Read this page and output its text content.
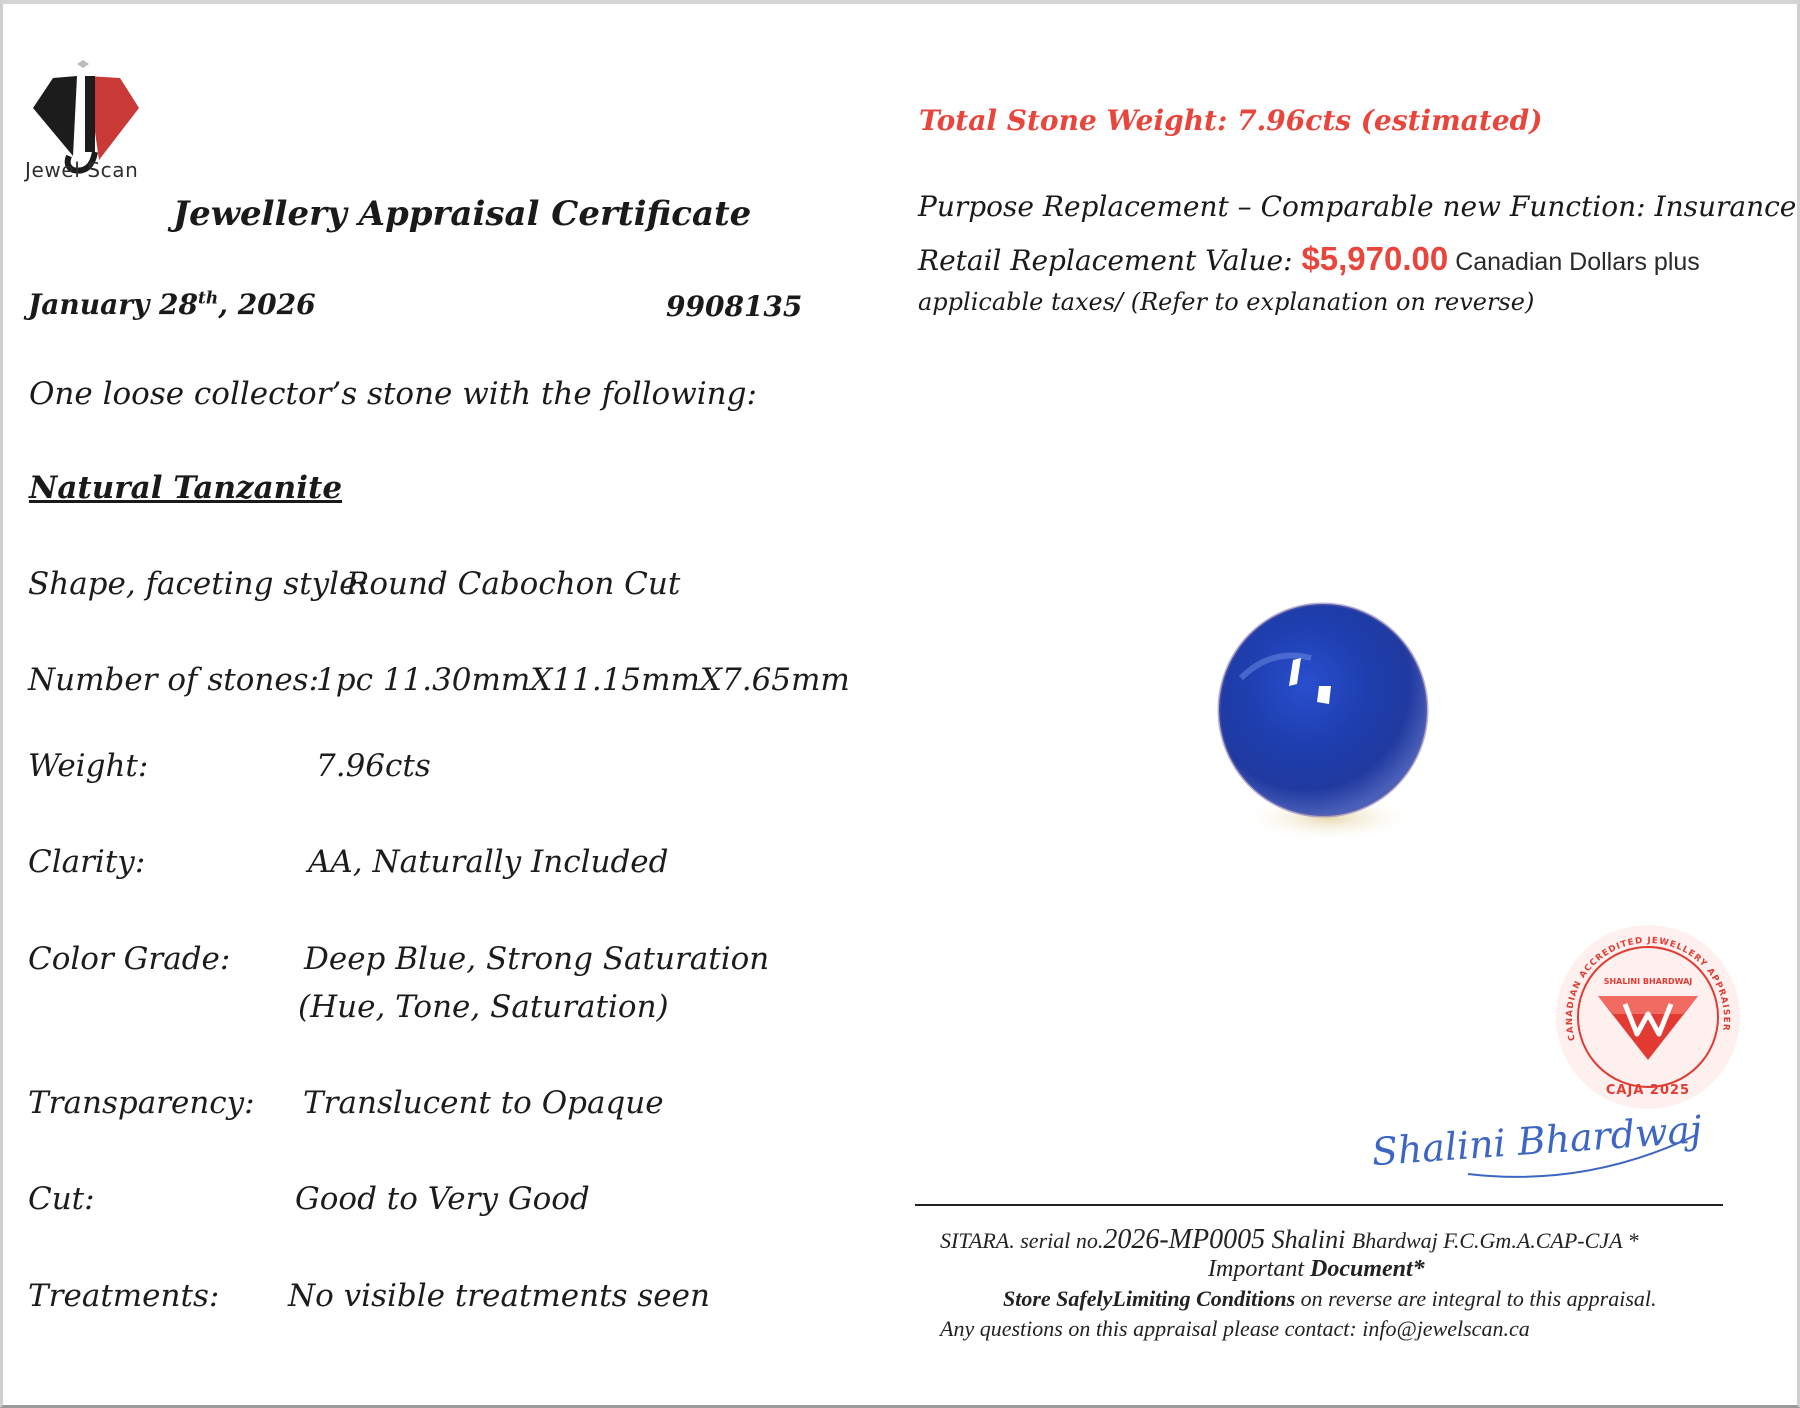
Jewel Scan
Jewellery Appraisal Certificate
January 28th, 2026	9908135
One loose collector’s stone with the following:
Natural Tanzanite
Shape, faceting style:
Round Cabochon Cut
Number of stones:
1pc 11.30mmX11.15mmX7.65mm
Weight:	7.96cts
Clarity:	AA, Naturally Included
Color Grade: Deep Blue, Strong Saturation
(Hue, Tone, Saturation)
Transparency: Translucent to Opaque
Cut:	Good to Very Good
Treatments: No visible treatments seen
Total Stone Weight: 7.96cts (estimated)
Purpose Replacement – Comparable new Function: Insurance
Retail Replacement Value: $5,970.00 Canadian Dollars plus
applicable taxes/ (Refer to explanation on reverse)
CANADIAN ACCREDITED JEWELLERY APPRAISER
SHALINI BHARDWAJ
CAJA 2025
Shalini Bhardwaj
SITARA. serial no.2026-MP0005 Shalini Bhardwaj F.C.Gm.A.CAP-CJA *
Important Document*
Store SafelyLimiting Conditions on reverse are integral to this appraisal.
Any questions on this appraisal please contact: info@jewelscan.ca
